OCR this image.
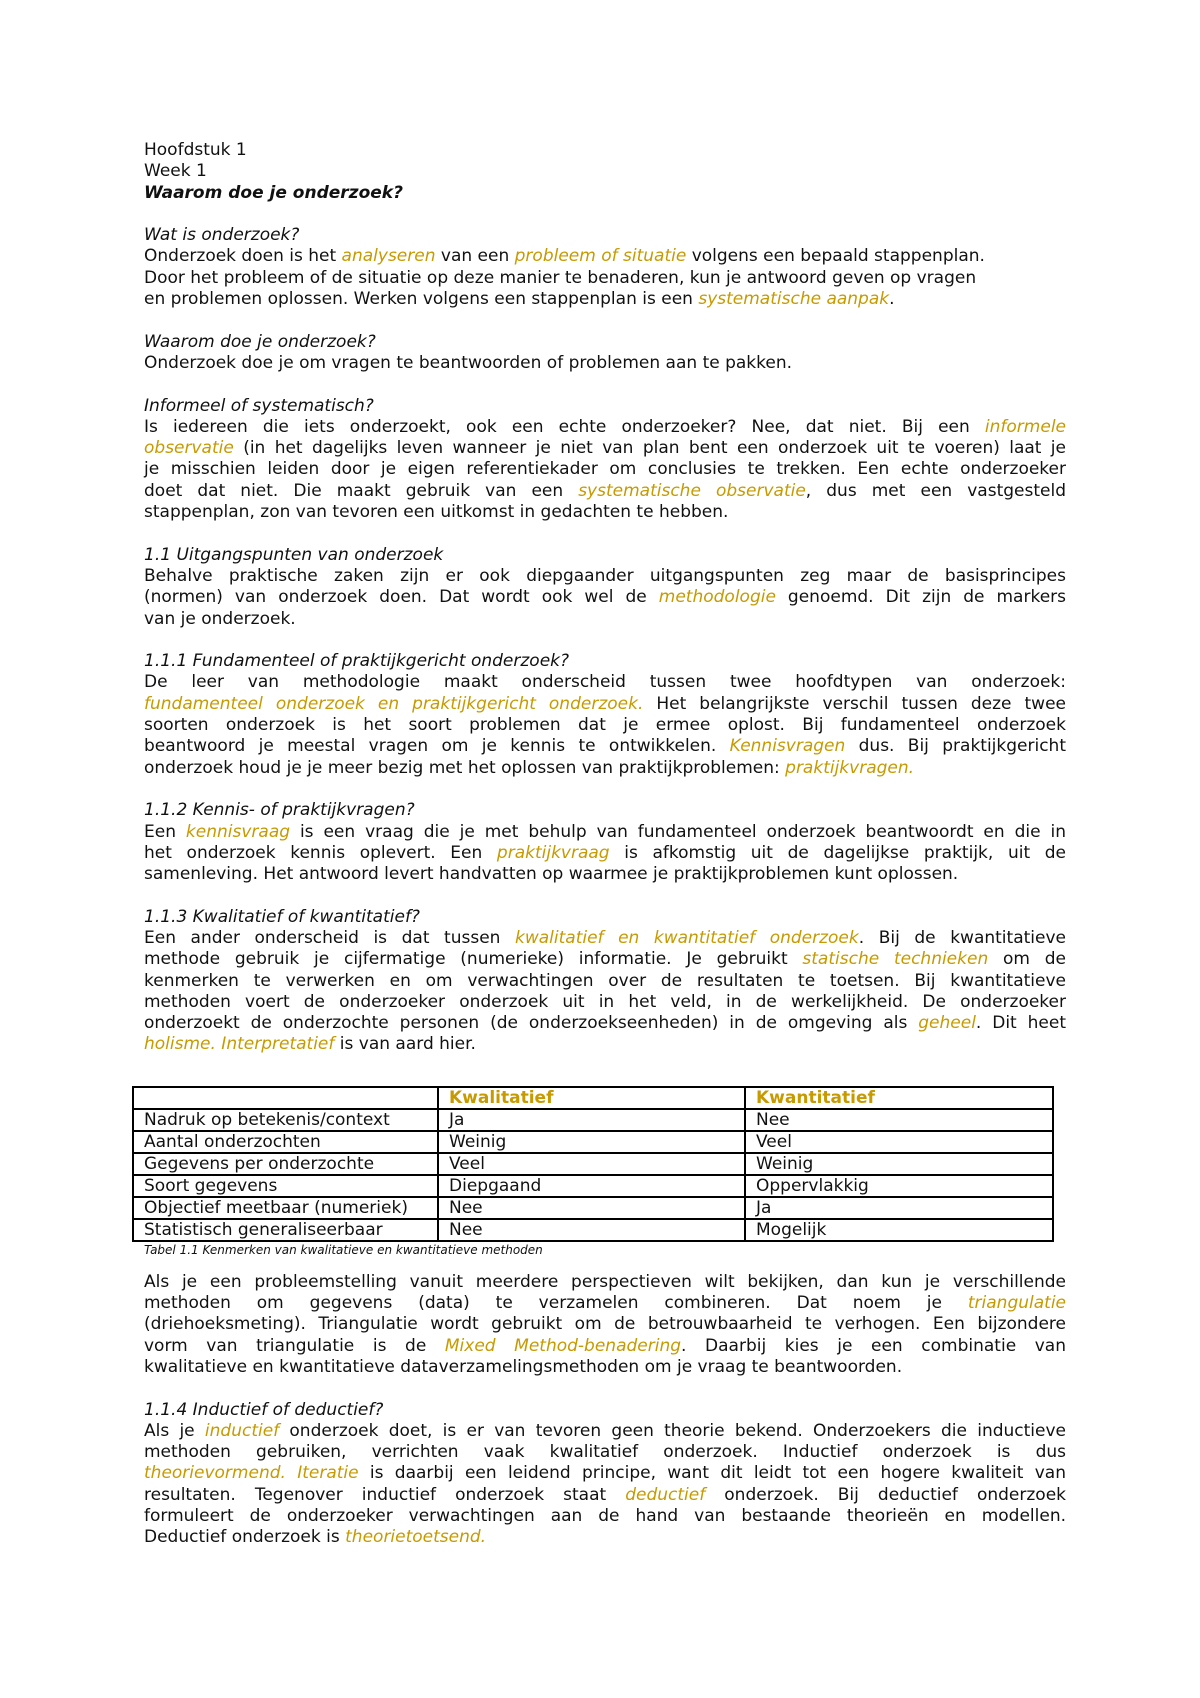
Hoofdstuk 1
Week 1
Waarom doe je onderzoek?
Wat is onderzoek?
Onderzoek doen is het analyseren van een probleem of situatie volgens een bepaald stappenplan.
Door het probleem of de situatie op deze manier te benaderen, kun je antwoord geven op vragen
en problemen oplossen. Werken volgens een stappenplan is een systematische aanpak.
Waarom doe je onderzoek?
Onderzoek doe je om vragen te beantwoorden of problemen aan te pakken.
Informeel of systematisch?
Is iedereen die iets onderzoekt, ook een echte onderzoeker? Nee, dat niet. Bij een informele
observatie (in het dagelijks leven wanneer je niet van plan bent een onderzoek uit te voeren) laat je
je misschien leiden door je eigen referentiekader om conclusies te trekken. Een echte onderzoeker
doet dat niet. Die maakt gebruik van een systematische observatie, dus met een vastgesteld
stappenplan, zon van tevoren een uitkomst in gedachten te hebben.
1.1 Uitgangspunten van onderzoek
Behalve praktische zaken zijn er ook diepgaander uitgangspunten zeg maar de basisprincipes
(normen) van onderzoek doen. Dat wordt ook wel de methodologie genoemd. Dit zijn de markers
van je onderzoek.
1.1.1 Fundamenteel of praktijkgericht onderzoek?
De leer van methodologie maakt onderscheid tussen twee hoofdtypen van onderzoek:
fundamenteel onderzoek en praktijkgericht onderzoek. Het belangrijkste verschil tussen deze twee
soorten onderzoek is het soort problemen dat je ermee oplost. Bij fundamenteel onderzoek
beantwoord je meestal vragen om je kennis te ontwikkelen. Kennisvragen dus. Bij praktijkgericht
onderzoek houd je je meer bezig met het oplossen van praktijkproblemen: praktijkvragen.
1.1.2 Kennis- of praktijkvragen?
Een kennisvraag is een vraag die je met behulp van fundamenteel onderzoek beantwoordt en die in
het onderzoek kennis oplevert. Een praktijkvraag is afkomstig uit de dagelijkse praktijk, uit de
samenleving. Het antwoord levert handvatten op waarmee je praktijkproblemen kunt oplossen.
1.1.3 Kwalitatief of kwantitatief?
Een ander onderscheid is dat tussen kwalitatief en kwantitatief onderzoek. Bij de kwantitatieve
methode gebruik je cijfermatige (numerieke) informatie. Je gebruikt statische technieken om de
kenmerken te verwerken en om verwachtingen over de resultaten te toetsen. Bij kwantitatieve
methoden voert de onderzoeker onderzoek uit in het veld, in de werkelijkheid. De onderzoeker
onderzoekt de onderzochte personen (de onderzoekseenheden) in de omgeving als geheel. Dit heet
holisme. Interpretatief is van aard hier.
	Kwalitatief	Kwantitatief
Nadruk op betekenis/context	Ja	Nee
Aantal onderzochten	Weinig	Veel
Gegevens per onderzochte	Veel	Weinig
Soort gegevens	Diepgaand	Oppervlakkig
Objectief meetbaar (numeriek)	Nee	Ja
Statistisch generaliseerbaar	Nee	Mogelijk
Tabel 1.1 Kenmerken van kwalitatieve en kwantitatieve methoden
Als je een probleemstelling vanuit meerdere perspectieven wilt bekijken, dan kun je verschillende
methoden om gegevens (data) te verzamelen combineren. Dat noem je triangulatie
(driehoeksmeting). Triangulatie wordt gebruikt om de betrouwbaarheid te verhogen. Een bijzondere
vorm van triangulatie is de Mixed Method-benadering. Daarbij kies je een combinatie van
kwalitatieve en kwantitatieve dataverzamelingsmethoden om je vraag te beantwoorden.
1.1.4 Inductief of deductief?
Als je inductief onderzoek doet, is er van tevoren geen theorie bekend. Onderzoekers die inductieve
methoden gebruiken, verrichten vaak kwalitatief onderzoek. Inductief onderzoek is dus
theorievormend. Iteratie is daarbij een leidend principe, want dit leidt tot een hogere kwaliteit van
resultaten. Tegenover inductief onderzoek staat deductief onderzoek. Bij deductief onderzoek
formuleert de onderzoeker verwachtingen aan de hand van bestaande theorieën en modellen.
Deductief onderzoek is theorietoetsend.
